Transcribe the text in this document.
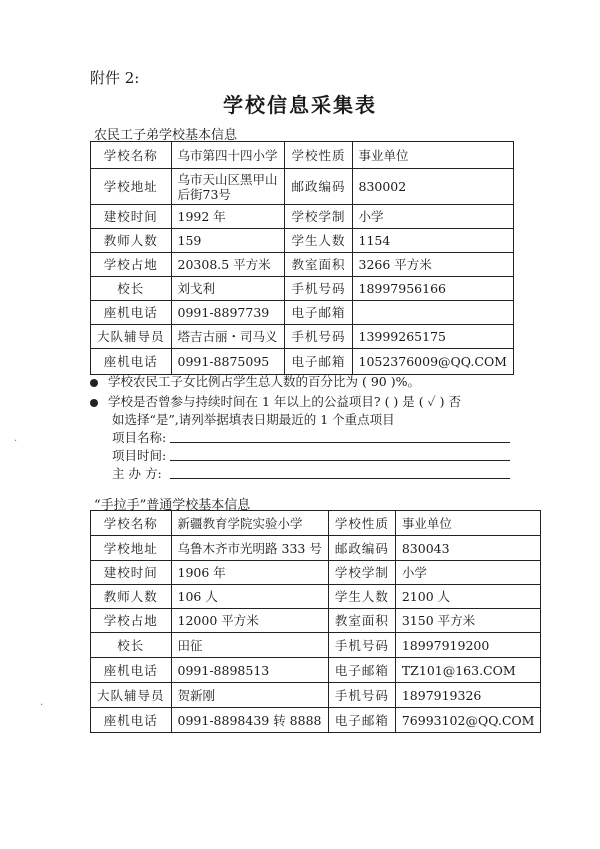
附件 2:
学校信息采集表
农民工子弟学校基本信息
学校名称	乌市第四十四小学	学校性质	事业单位
学校地址	乌市天山区黑甲山后街73号	邮政编码	830002
建校时间	1992 年	学校学制	小学
教师人数	159	学生人数	1154
学校占地	20308.5 平方米	教室面积	3266 平方米
校长	刘戈利	手机号码	18997956166
座机电话	0991-8897739	电子邮箱	
大队辅导员	塔吉古丽・司马义	手机号码	13999265175
座机电话	0991-8875095	电子邮箱	1052376009@QQ.COM
学校农民工子女比例占学生总人数的百分比为 ( 90 )%。
学校是否曾参与持续时间在 1 年以上的公益项目? ( ) 是 ( ✓ ) 否
如选择“是”,请列举据填表日期最近的 1 个重点项目
项目名称:
项目时间:
主 办 方:
“手拉手”普通学校基本信息
学校名称	新疆教育学院实验小学	学校性质	事业单位
学校地址	乌鲁木齐市光明路 333 号	邮政编码	830043
建校时间	1906 年	学校学制	小学
教师人数	106 人	学生人数	2100 人
学校占地	12000 平方米	教室面积	3150 平方米
校长	田征	手机号码	18997919200
座机电话	0991-8898513	电子邮箱	TZ101@163.COM
大队辅导员	贺新刚	手机号码	1897919326
座机电话	0991-8898439 转 8888	电子邮箱	76993102@QQ.COM
·
·
